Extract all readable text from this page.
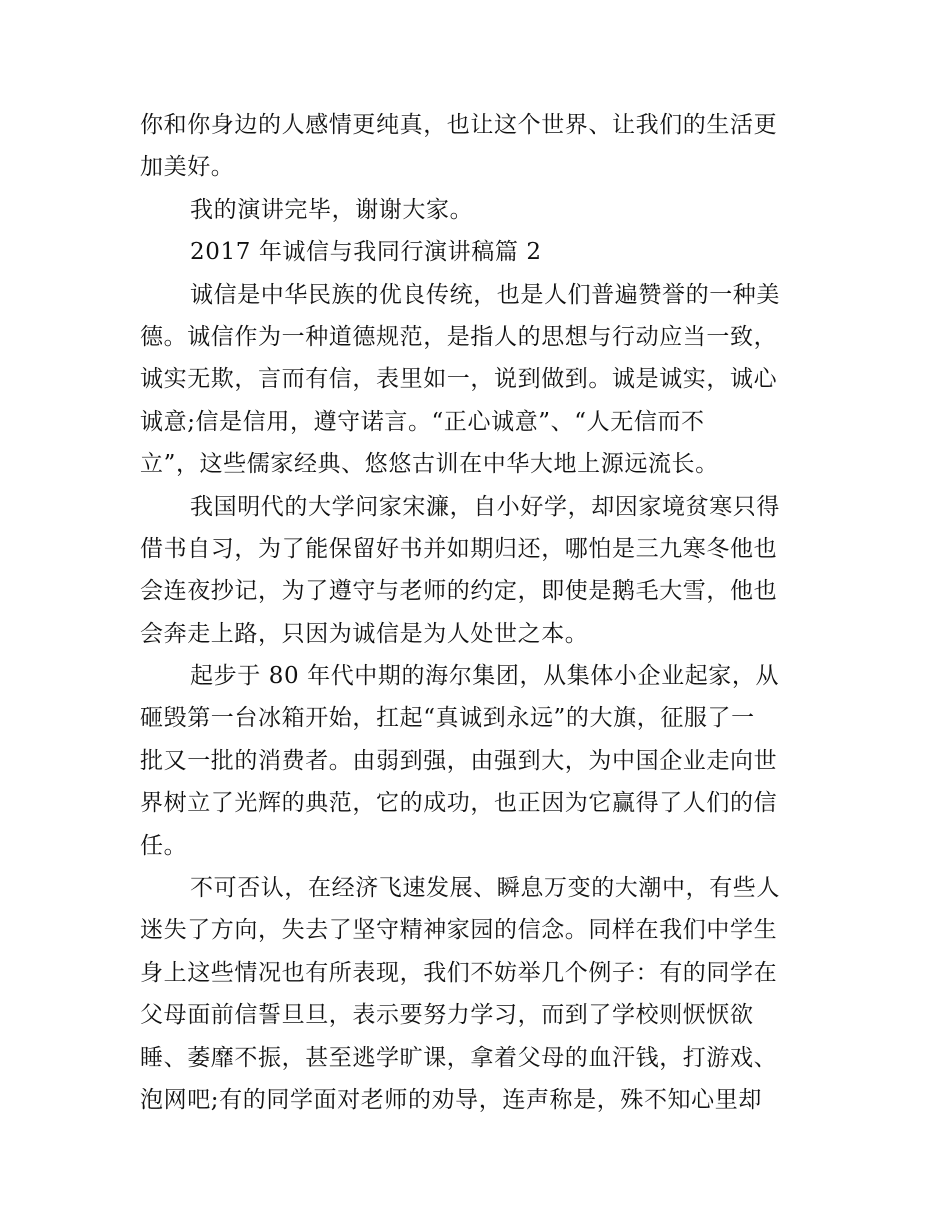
你和你身边的人感情更纯真，也让这个世界、让我们的生活更
加美好。
我的演讲完毕，谢谢大家。
2017 年诚信与我同行演讲稿篇 2
诚信是中华民族的优良传统，也是人们普遍赞誉的一种美
德。诚信作为一种道德规范，是指人的思想与行动应当一致，
诚实无欺，言而有信，表里如一，说到做到。诚是诚实，诚心
诚意;信是信用，遵守诺言。“正心诚意”、“人无信而不
立”，这些儒家经典、悠悠古训在中华大地上源远流长。
我国明代的大学问家宋濂，自小好学，却因家境贫寒只得
借书自习，为了能保留好书并如期归还，哪怕是三九寒冬他也
会连夜抄记，为了遵守与老师的约定，即使是鹅毛大雪，他也
会奔走上路，只因为诚信是为人处世之本。
起步于 80 年代中期的海尔集团，从集体小企业起家，从
砸毁第一台冰箱开始，扛起“真诚到永远”的大旗，征服了一
批又一批的消费者。由弱到强，由强到大，为中国企业走向世
界树立了光辉的典范，它的成功，也正因为它赢得了人们的信
任。
不可否认，在经济飞速发展、瞬息万变的大潮中，有些人
迷失了方向，失去了坚守精神家园的信念。同样在我们中学生
身上这些情况也有所表现，我们不妨举几个例子：有的同学在
父母面前信誓旦旦，表示要努力学习，而到了学校则恹恹欲
睡、萎靡不振，甚至逃学旷课，拿着父母的血汗钱，打游戏、
泡网吧;有的同学面对老师的劝导，连声称是，殊不知心里却
